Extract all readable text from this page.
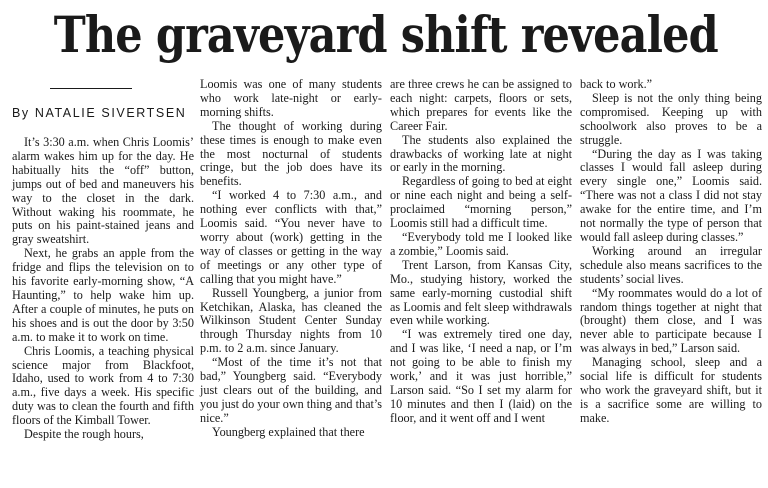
The graveyard shift revealed

By NATALIE SIVERTSEN

It’s 3:30 a.m. when Chris Loomis’ alarm wakes him up for the day. He habitually hits the “off” button, jumps out of bed and maneuvers his way to the closet in the dark. Without waking his roommate, he puts on his paint-stained jeans and gray sweatshirt.

Next, he grabs an apple from the fridge and flips the television on to his favorite early-morning show, “A Haunting,” to help wake him up. After a couple of minutes, he puts on his shoes and is out the door by 3:50 a.m. to make it to work on time.

Chris Loomis, a teaching physical science major from Blackfoot, Idaho, used to work from 4 to 7:30 a.m., five days a week. His specific duty was to clean the fourth and fifth floors of the Kimball Tower.

Despite the rough hours,

Loomis was one of many students who work late-night or early-morning shifts.

The thought of working during these times is enough to make even the most nocturnal of students cringe, but the job does have its benefits.

“I worked 4 to 7:30 a.m., and nothing ever conflicts with that,” Loomis said. “You never have to worry about (work) getting in the way of classes or getting in the way of meetings or any other type of calling that you might have.”

Russell Youngberg, a junior from Ketchikan, Alaska, has cleaned the Wilkinson Student Center Sunday through Thursday nights from 10 p.m. to 2 a.m. since January.

“Most of the time it’s not that bad,” Youngberg said. “Everybody just clears out of the building, and you just do your own thing and that’s nice.”

Youngberg explained that there

are three crews he can be assigned to each night: carpets, floors or sets, which prepares for events like the Career Fair.

The students also explained the drawbacks of working late at night or early in the morning.

Regardless of going to bed at eight or nine each night and being a self-proclaimed “morning person,” Loomis still had a difficult time.

“Everybody told me I looked like a zombie,” Loomis said.

Trent Larson, from Kansas City, Mo., studying history, worked the same early-morning custodial shift as Loomis and felt sleep withdrawals even while working.

“I was extremely tired one day, and I was like, ‘I need a nap, or I’m not going to be able to finish my work,’ and it was just horrible,” Larson said. “So I set my alarm for 10 minutes and then I (laid) on the floor, and it went off and I went

back to work.”

Sleep is not the only thing being compromised. Keeping up with schoolwork also proves to be a struggle.

“During the day as I was taking classes I would fall asleep during every single one,” Loomis said. “There was not a class I did not stay awake for the entire time, and I’m not normally the type of person that would fall asleep during classes.”

Working around an irregular schedule also means sacrifices to the students’ social lives.

“My roommates would do a lot of random things together at night that (brought) them close, and I was never able to participate because I was always in bed,” Larson said.

Managing school, sleep and a social life is difficult for students who work the graveyard shift, but it is a sacrifice some are willing to make.
